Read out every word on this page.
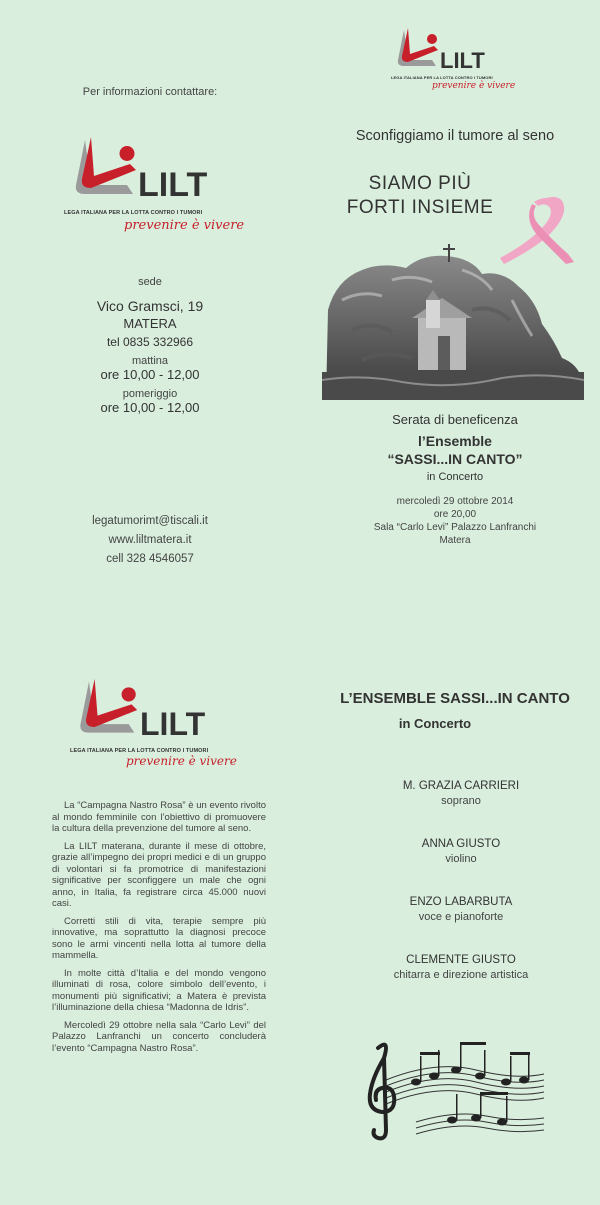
LILT
LEGA ITALIANA PER LA LOTTA CONTRO I TUMORI
prevenire è vivere
Per informazioni contattare:
LILT
LEGA ITALIANA PER LA LOTTA CONTRO I TUMORI
prevenire è vivere
sede
Vico Gramsci, 19
MATERA
tel 0835 332966
mattina
ore 10,00 - 12,00
pomeriggio
ore 10,00 - 12,00
legatumorimt@tiscali.it
www.liltmatera.it
cell 328 4546057
Sconfiggiamo il tumore al seno
SIAMO PIÙ
FORTI INSIEME
Serata di beneficenza
l’Ensemble
“SASSI...IN CANTO”
in Concerto
mercoledì 29 ottobre 2014
ore 20,00
Sala “Carlo Levi” Palazzo Lanfranchi
Matera
LILT
LEGA ITALIANA PER LA LOTTA CONTRO I TUMORI
prevenire è vivere

La “Campagna Nastro Rosa” è un evento rivolto al mondo femminile con l’obiettivo di promuovere la cultura della prevenzione del tumore al seno.

La LILT materana, durante il mese di ottobre, grazie all’impegno dei propri medici e di un gruppo di volontari si fa promotrice di manifestazioni significative per sconfiggere un male che ogni anno, in Italia, fa registrare circa 45.000 nuovi casi.

Corretti stili di vita, terapie sempre più innovative, ma soprattutto la diagnosi precoce sono le armi vincenti nella lotta al tumore della mammella.

In molte città d’Italia e del mondo vengono illuminati di rosa, colore simbolo dell’evento, i monumenti più significativi; a Matera è prevista l’illuminazione della chiesa “Madonna de Idris”.

Mercoledì 29 ottobre nella sala “Carlo Levi” del Palazzo Lanfranchi un concerto concluderà l’evento “Campagna Nastro Rosa”.

L’ENSEMBLE SASSI...IN CANTO
in Concerto
M. GRAZIA CARRIERI
soprano
ANNA GIUSTO
violino
ENZO LABARBUTA
voce e pianoforte
CLEMENTE GIUSTO
chitarra e direzione artistica
